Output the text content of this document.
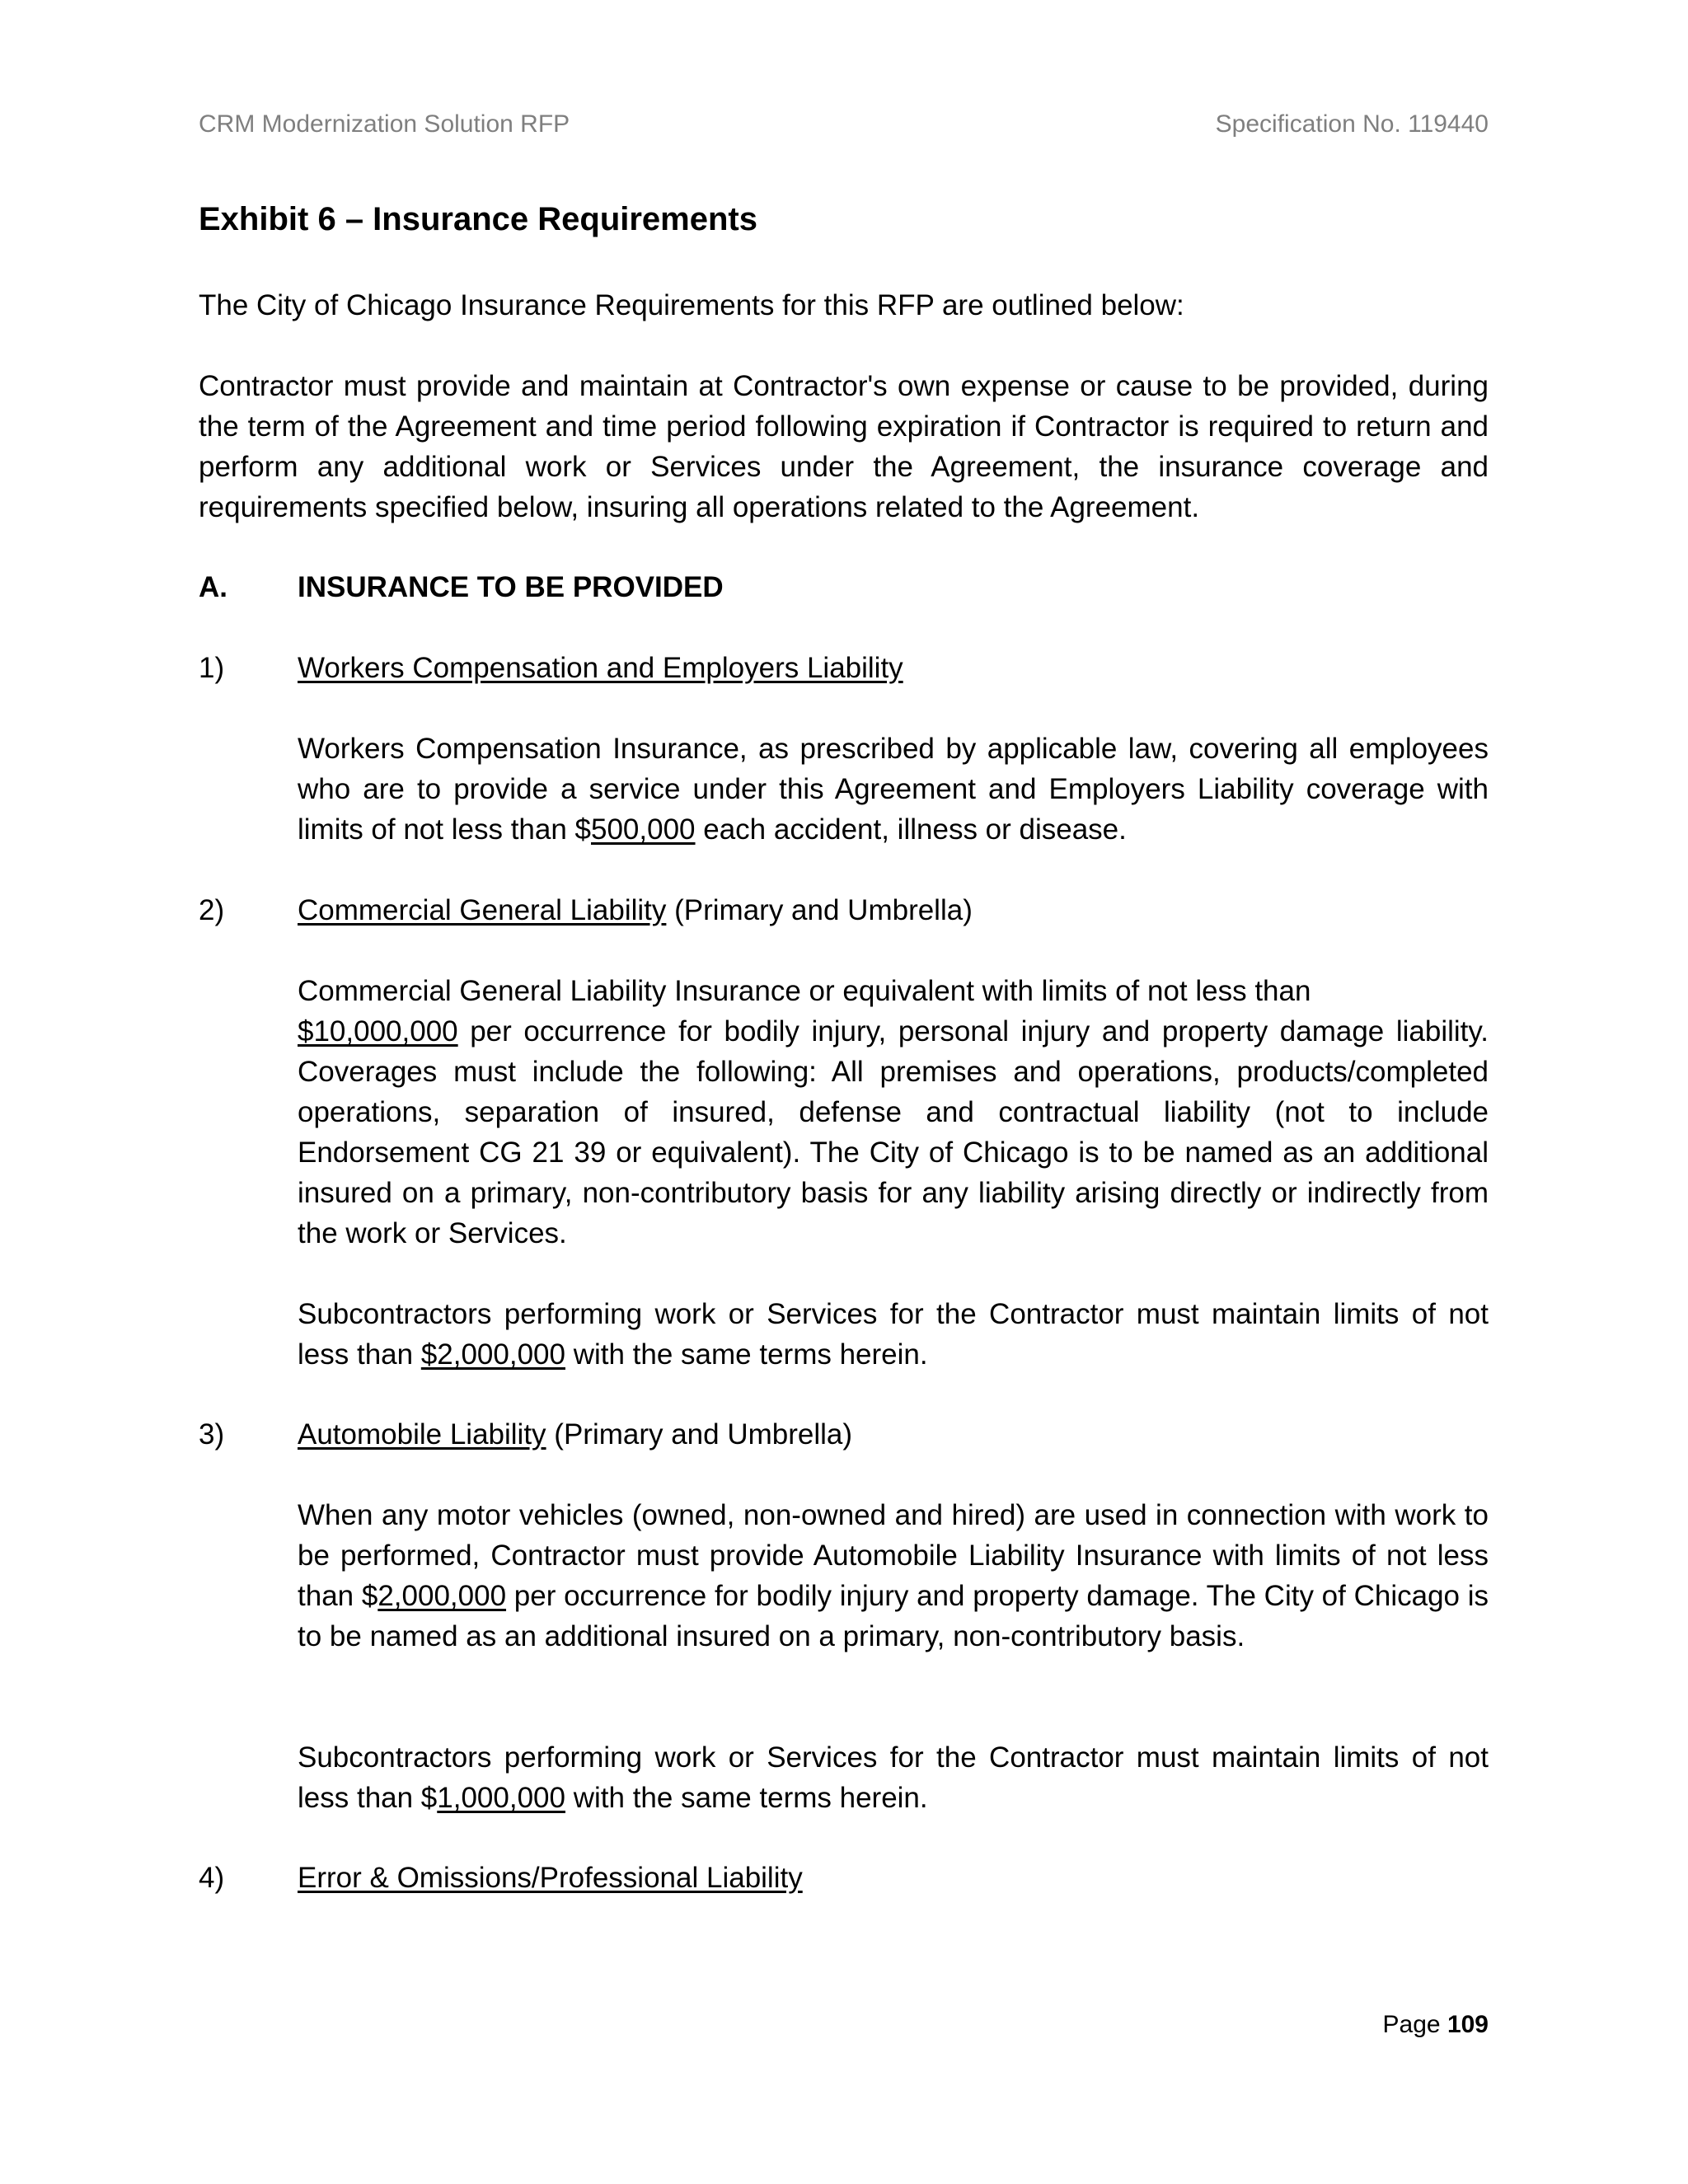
CRM Modernization Solution RFP	Specification No. 119440
Exhibit 6 – Insurance Requirements
The City of Chicago Insurance Requirements for this RFP are outlined below:
Contractor must provide and maintain at Contractor's own expense or cause to be provided, during the term of the Agreement and time period following expiration if Contractor is required to return and perform any additional work or Services under the Agreement, the insurance coverage and requirements specified below, insuring all operations related to the Agreement.
A. INSURANCE TO BE PROVIDED
1)	Workers Compensation and Employers Liability
Workers Compensation Insurance, as prescribed by applicable law, covering all employees who are to provide a service under this Agreement and Employers Liability coverage with limits of not less than $500,000 each accident, illness or disease.
2)	Commercial General Liability (Primary and Umbrella)
Commercial General Liability Insurance or equivalent with limits of not less than
$10,000,000 per occurrence for bodily injury, personal injury and property damage liability. Coverages must include the following: All premises and operations, products/completed operations, separation of insured, defense and contractual liability (not to include Endorsement CG 21 39 or equivalent). The City of Chicago is to be named as an additional insured on a primary, non-contributory basis for any liability arising directly or indirectly from the work or Services.
Subcontractors performing work or Services for the Contractor must maintain limits of not less than $2,000,000 with the same terms herein.
3)	Automobile Liability (Primary and Umbrella)
When any motor vehicles (owned, non-owned and hired) are used in connection with work to be performed, Contractor must provide Automobile Liability Insurance with limits of not less than $2,000,000 per occurrence for bodily injury and property damage. The City of Chicago is to be named as an additional insured on a primary, non-contributory basis.
Subcontractors performing work or Services for the Contractor must maintain limits of not less than $1,000,000 with the same terms herein.
4)	Error & Omissions/Professional Liability
Page 109
